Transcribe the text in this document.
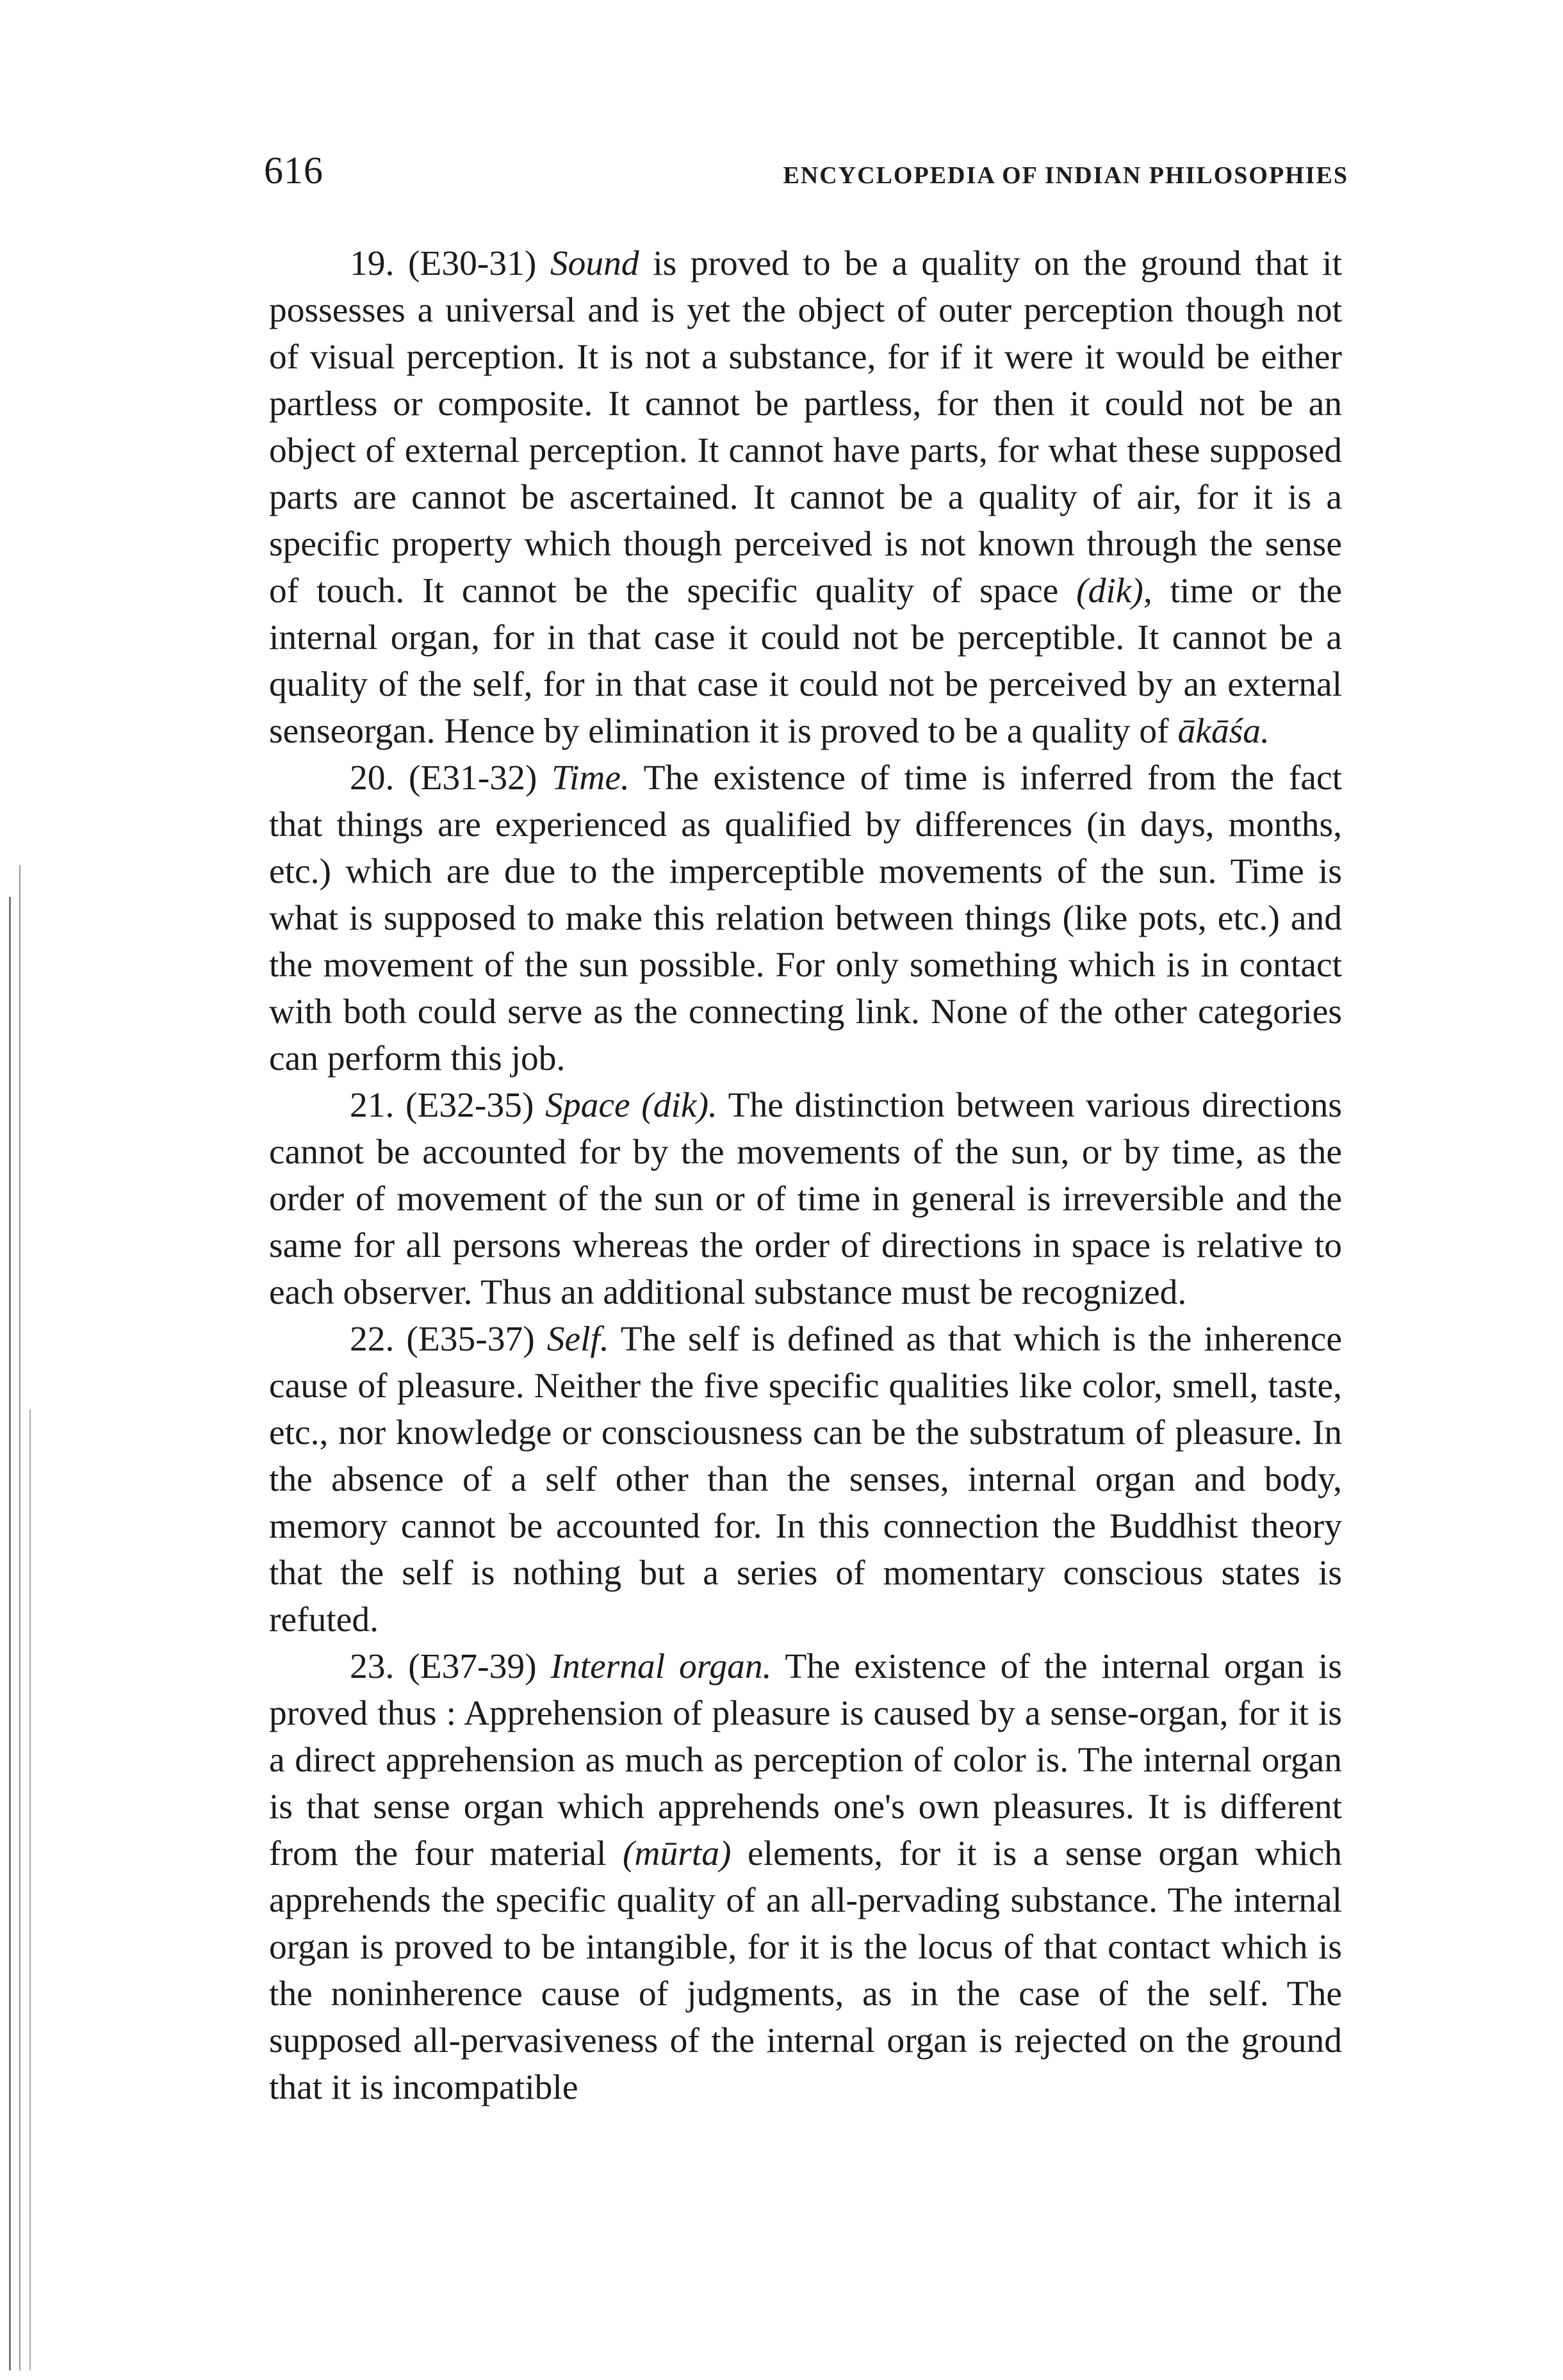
616	ENCYCLOPEDIA OF INDIAN PHILOSOPHIES

19. (E30-31) Sound is proved to be a quality on the ground that it possesses a universal and is yet the object of outer perception though not of visual perception. It is not a substance, for if it were it would be either partless or composite. It cannot be partless, for then it could not be an object of external perception. It cannot have parts, for what these supposed parts are cannot be ascertained. It cannot be a quality of air, for it is a specific property which though perceived is not known through the sense of touch. It cannot be the specific quality of space (dik), time or the internal organ, for in that case it could not be perceptible. It cannot be a quality of the self, for in that case it could not be perceived by an external senseorgan. Hence by elimination it is proved to be a quality of ākāśa.

20. (E31-32) Time. The existence of time is inferred from the fact that things are experienced as qualified by differences (in days, months, etc.) which are due to the imperceptible movements of the sun. Time is what is supposed to make this relation between things (like pots, etc.) and the movement of the sun possible. For only something which is in contact with both could serve as the connecting link. None of the other categories can perform this job.

21. (E32-35) Space (dik). The distinction between various directions cannot be accounted for by the movements of the sun, or by time, as the order of movement of the sun or of time in general is irreversible and the same for all persons whereas the order of directions in space is relative to each observer. Thus an additional substance must be recognized.

22. (E35-37) Self. The self is defined as that which is the inherence cause of pleasure. Neither the five specific qualities like color, smell, taste, etc., nor knowledge or consciousness can be the substratum of pleasure. In the absence of a self other than the senses, internal organ and body, memory cannot be accounted for. In this connection the Buddhist theory that the self is nothing but a series of momentary conscious states is refuted.

23. (E37-39) Internal organ. The existence of the internal organ is proved thus : Apprehension of pleasure is caused by a sense-organ, for it is a direct apprehension as much as perception of color is. The internal organ is that sense organ which apprehends one's own pleasures. It is different from the four material (mūrta) elements, for it is a sense organ which apprehends the specific quality of an all-pervading substance. The internal organ is proved to be intangible, for it is the locus of that contact which is the noninherence cause of judgments, as in the case of the self. The supposed all-pervasiveness of the internal organ is rejected on the ground that it is incompatible
